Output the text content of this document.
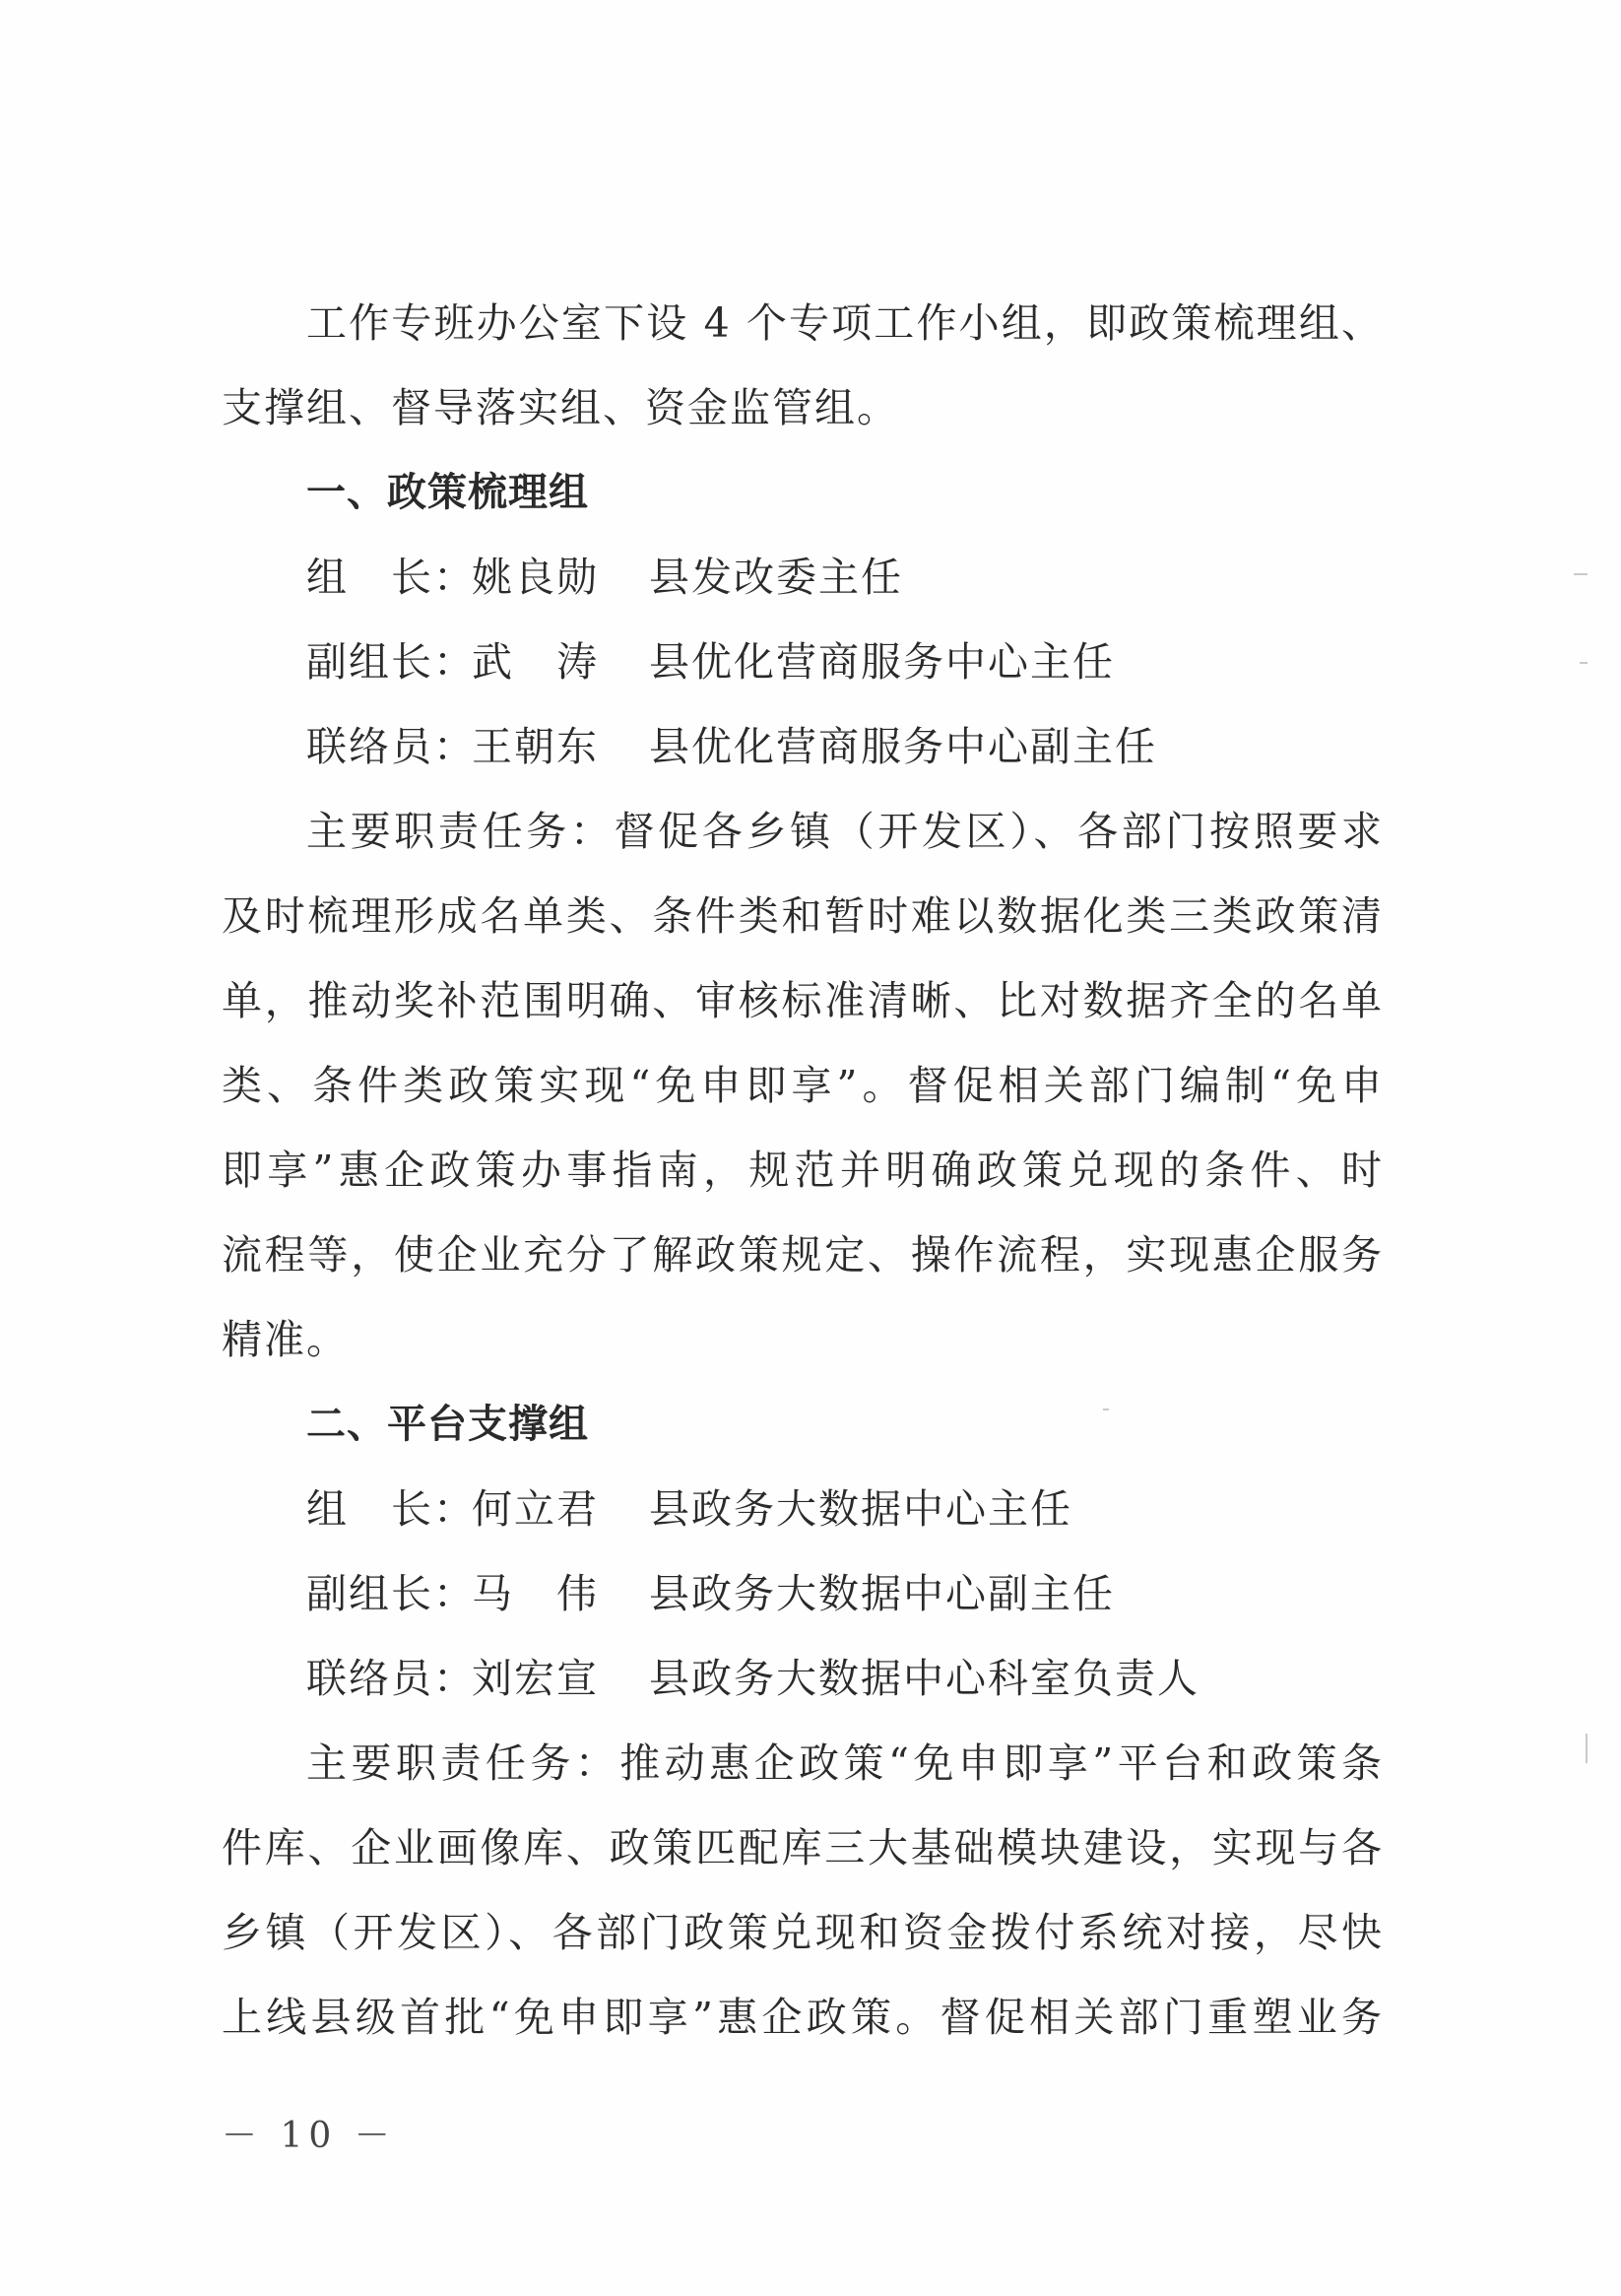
工作专班办公室下设 4 个专项工作小组，即政策梳理组、
支撑组、督导落实组、资金监管组。
一、政策梳理组
组　长：姚良勋 县发改委主任
副组长：武　涛 县优化营商服务中心主任
联络员：王朝东 县优化营商服务中心副主任
主要职责任务：督促各乡镇（开发区）、各部门按照要求
及时梳理形成名单类、条件类和暂时难以数据化类三类政策清
单，推动奖补范围明确、审核标准清晰、比对数据齐全的名单
类、条件类政策实现“免申即享”。督促相关部门编制“免申
即享”惠企政策办事指南，规范并明确政策兑现的条件、时
流程等，使企业充分了解政策规定、操作流程，实现惠企服务
精准。
二、平台支撑组
组　长：何立君 县政务大数据中心主任
副组长：马　伟 县政务大数据中心副主任
联络员：刘宏宣 县政务大数据中心科室负责人
主要职责任务：推动惠企政策“免申即享”平台和政策条
件库、企业画像库、政策匹配库三大基础模块建设，实现与各
乡镇（开发区）、各部门政策兑现和资金拨付系统对接，尽快
上线县级首批“免申即享”惠企政策。督促相关部门重塑业务
－ 10 －
